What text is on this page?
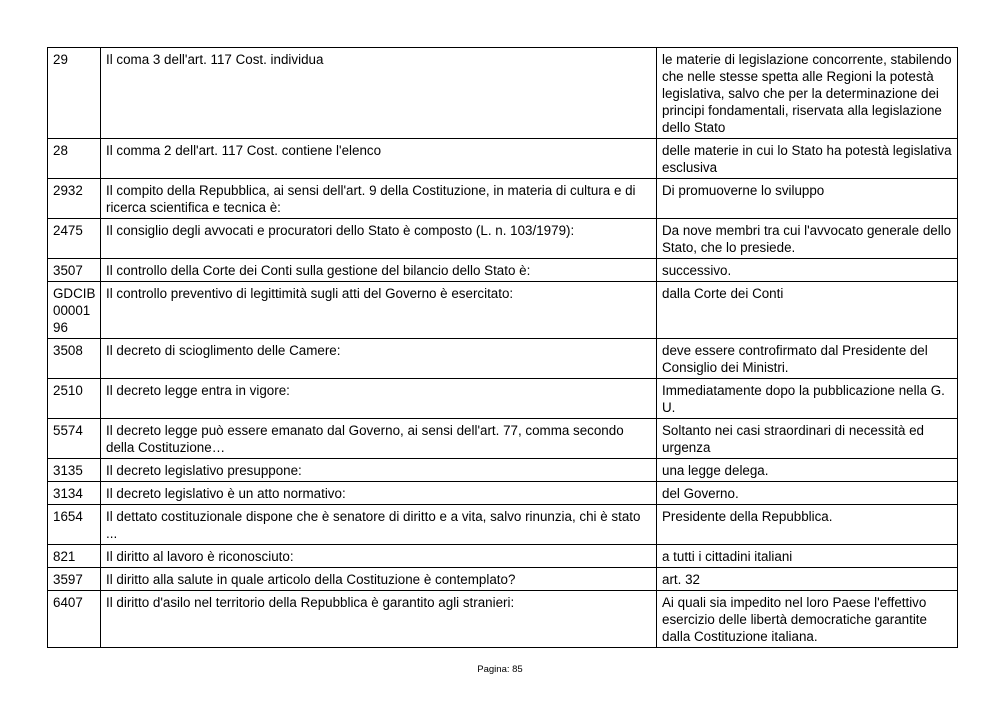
29	Il coma 3 dell'art. 117 Cost. individua	le materie di legislazione concorrente, stabilendo che nelle stesse spetta alle Regioni la potestà legislativa, salvo che per la determinazione dei principi fondamentali, riservata alla legislazione dello Stato
28	Il comma 2 dell'art. 117 Cost. contiene l'elenco	delle materie in cui lo Stato ha potestà legislativa esclusiva
2932	Il compito della Repubblica, ai sensi dell'art. 9 della Costituzione, in materia di cultura e di ricerca scientifica e tecnica è:	Di promuoverne lo sviluppo
2475	Il consiglio degli avvocati e procuratori dello Stato è composto (L. n. 103/1979):	Da nove membri tra cui l'avvocato generale dello Stato, che lo presiede.
3507	Il controllo della Corte dei Conti sulla gestione del bilancio dello Stato è:	successivo.
GDCIB0000196	Il controllo preventivo di legittimità sugli atti del Governo è esercitato:	dalla Corte dei Conti
3508	Il decreto di scioglimento delle Camere:	deve essere controfirmato dal Presidente del Consiglio dei Ministri.
2510	Il decreto legge entra in vigore:	Immediatamente dopo la pubblicazione nella G. U.
5574	Il decreto legge può essere emanato dal Governo, ai sensi dell'art. 77, comma secondo della Costituzione…	Soltanto nei casi straordinari di necessità ed urgenza
3135	Il decreto legislativo presuppone:	una legge delega.
3134	Il decreto legislativo è un atto normativo:	del Governo.
1654	Il dettato costituzionale dispone che è senatore di diritto e a vita, salvo rinunzia, chi è stato ...	Presidente della Repubblica.
821	Il diritto al lavoro è riconosciuto:	a tutti i cittadini italiani
3597	Il diritto alla salute in quale articolo della Costituzione è contemplato?	art. 32
6407	Il diritto d'asilo nel territorio della Repubblica è garantito agli stranieri:	Ai quali sia impedito nel loro Paese l'effettivo esercizio delle libertà democratiche garantite dalla Costituzione italiana.
Pagina: 85
